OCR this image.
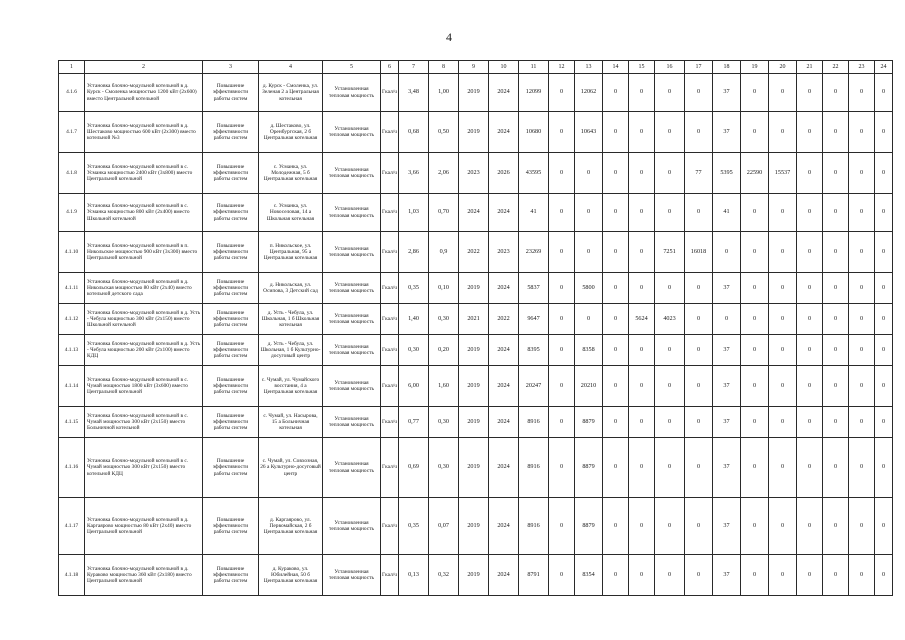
4
1	2	3	4	5	6	7	8	9	10	11	12	13	14	15	16	17	18	19	20	21	22	23	24
4.1.6	Установка блочно-модульной котельной в д. Курск - Смоленка мощностью 1200 кВт (2х600) вместо Центральной котельной	Повышение эффективности работы систем	д. Курск - Смоленка, ул. Зеленая 2 а Центральная котельная	Установленная тепловая мощность	Гкал/ч	3,48	1,00	2019	2024	12099	0	12062	0	0	0	0	37	0	0	0	0	0	0
4.1.7	Установка блочно-модульной котельной в д. Шестаково мощностью 600 кВт (2х300) вместо котельной №3	Повышение эффективности работы систем	д. Шестаково, ул. Оренбургская, 2 б Центральная котельная	Установленная тепловая мощность	Гкал/ч	0,68	0,50	2019	2024	10680	0	10643	0	0	0	0	37	0	0	0	0	0	0
4.1.8	Установка блочно-модульной котельной в с. Усманка мощностью 2400 кВт (3х800) вместо Центральной котельной	Повышение эффективности работы систем	с. Усманка, ул. Молодежная, 5 б Центральная котельная	Установленная тепловая мощность	Гкал/ч	3,66	2,06	2023	2026	43595	0	0	0	0	0	77	5395	22590	15537	0	0	0	0
4.1.9	Установка блочно-модульной котельной в с. Усманка мощностью 800 кВт (2х400) вместо Школьной котельной	Повышение эффективности работы систем	с. Усманка, ул. Новоселовая, 14 а Школьная котельная	Установленная тепловая мощность	Гкал/ч	1,03	0,70	2024	2024	41	0	0	0	0	0	0	41	0	0	0	0	0	0
4.1.10	Установка блочно-модульной котельной в п. Никольское мощностью 900 кВт (3х300) вместо Центральной котельной	Повышение эффективности работы систем	п. Никольское, ул. Центральная, 95 а Центральная котельная	Установленная тепловая мощность	Гкал/ч	2,86	0,9	2022	2023	23269	0	0	0	0	7251	16018	0	0	0	0	0	0	0
4.1.11	Установка блочно-модульной котельной в д. Никольская мощностью 80 кВт (2х40) вместо котельной детского сада	Повышение эффективности работы систем	д. Никольская, ул. Осипова, 3 Детский сад	Установленная тепловая мощность	Гкал/ч	0,35	0,10	2019	2024	5837	0	5800	0	0	0	0	37	0	0	0	0	0	0
4.1.12	Установка блочно-модульной котельной в д. Усть - Чебула мощностью 300 кВт (2х150) вместо Школьной котельной	Повышение эффективности работы систем	д. Усть - Чебула, ул. Школьная, 1 б Школьная котельная	Установленная тепловая мощность	Гкал/ч	1,40	0,30	2021	2022	9647	0	0	0	5624	4023	0	0	0	0	0	0	0	0
4.1.13	Установка блочно-модульной котельной в д. Усть - Чебула мощностью 200 кВт (2х100) вместо КДЦ	Повышение эффективности работы систем	д. Усть - Чебула, ул. Школьная, 1 б Культурно-досуговый центр	Установленная тепловая мощность	Гкал/ч	0,30	0,20	2019	2024	8395	0	8358	0	0	0	0	37	0	0	0	0	0	0
4.1.14	Установка блочно-модульной котельной в с. Чумай мощностью 1800 кВт (3х600) вместо Центральной котельной	Повышение эффективности работы систем	с. Чумай, ул. Чумайского восстания, 4 а Центральная котельная	Установленная тепловая мощность	Гкал/ч	6,00	1,60	2019	2024	20247	0	20210	0	0	0	0	37	0	0	0	0	0	0
4.1.15	Установка блочно-модульной котельной в с. Чумай мощностью 300 кВт (2х150) вместо Больничной котельной	Повышение эффективности работы систем	с. Чумай, ул. Насырова, 15 а Больничная котельная	Установленная тепловая мощность	Гкал/ч	0,77	0,30	2019	2024	8916	0	8879	0	0	0	0	37	0	0	0	0	0	0
4.1.16	Установка блочно-модульной котельной в с. Чумай мощностью 300 кВт (2х150) вместо котельной КДЦ	Повышение эффективности работы систем	с. Чумай, ул. Совхозная, 26 а Культурно-досуговый центр	Установленная тепловая мощность	Гкал/ч	0,69	0,30	2019	2024	8916	0	8879	0	0	0	0	37	0	0	0	0	0	0
4.1.17	Установка блочно-модульной котельной в д. Каргаярово мощностью 80 кВт (2х40) вместо Центральной котельной	Повышение эффективности работы систем	д. Каргаярово, ул. Первомайская, 2 б Центральная котельная	Установленная тепловая мощность	Гкал/ч	0,35	0,07	2019	2024	8916	0	8879	0	0	0	0	37	0	0	0	0	0	0
4.1.18	Установка блочно-модульной котельной в д. Кураково мощностью 360 кВт (2х180) вместо Центральной котельной	Повышение эффективности работы систем	д. Кураково, ул. Юбилейная, 50 б Центральная котельная	Установленная тепловая мощность	Гкал/ч	0,13	0,32	2019	2024	8791	0	8354	0	0	0	0	37	0	0	0	0	0	0
